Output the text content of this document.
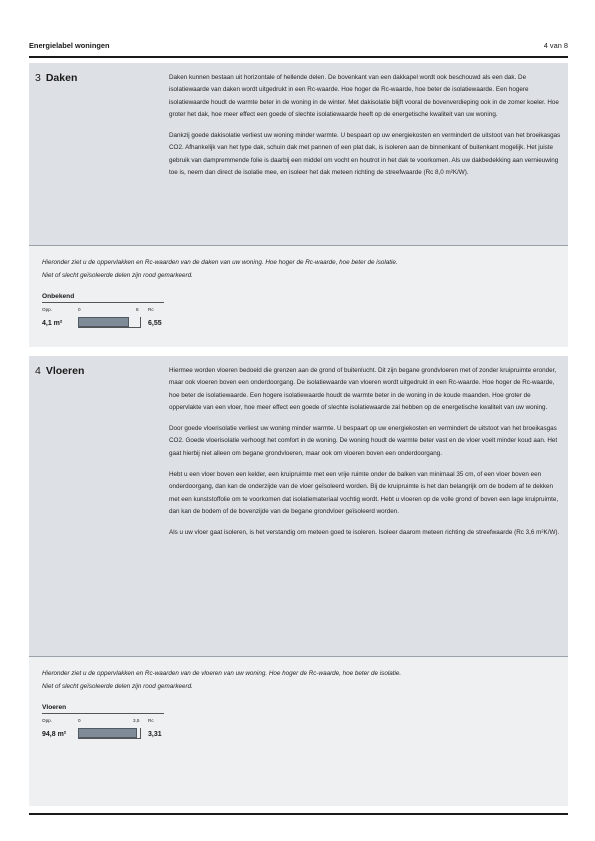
Energielabel woningen	4 van 8
3 Daken	Daken kunnen bestaan uit horizontale of hellende delen. De bovenkant van een dakkapel wordt ook beschouwd als een dak. De isolatiewaarde van daken wordt uitgedrukt in een Rc-waarde. Hoe hoger de Rc-waarde, hoe beter de isolatiewaarde. Een hogere isolatiewaarde houdt de warmte beter in de woning in de winter. Met dakisolatie blijft vooral de bovenverdieping ook in de zomer koeler. Hoe groter het dak, hoe meer effect een goede of slechte isolatiewaarde heeft op de energetische kwaliteit van uw woning.

Dankzij goede dakisolatie verliest uw woning minder warmte. U bespaart op uw energiekosten en vermindert de uitstoot van het broeikasgas CO2. Afhankelijk van het type dak, schuin dak met pannen of een plat dak, is isoleren aan de binnenkant of buitenkant mogelijk. Het juiste gebruik van dampremmende folie is daarbij een middel om vocht en houtrot in het dak te voorkomen. Als uw dakbedekking aan vernieuwing toe is, neem dan direct de isolatie mee, en isoleer het dak meteen richting de streefwaarde (Rc 8,0 m²K/W).

Hieronder ziet u de oppervlakken en Rc-waarden van de daken van uw woning. Hoe hoger de Rc-waarde, hoe beter de isolatie.
Niet of slecht geïsoleerde delen zijn rood gemarkeerd.
Onbekend
Opp.	0	8 Rc
4,1 m²	6,55
4 Vloeren	Hiermee worden vloeren bedoeld die grenzen aan de grond of buitenlucht. Dit zijn begane grondvloeren met of zonder kruipruimte eronder, maar ook vloeren boven een onderdoorgang. De isolatiewaarde van vloeren wordt uitgedrukt in een Rc-waarde. Hoe hoger de Rc-waarde, hoe beter de isolatiewaarde. Een hogere isolatiewaarde houdt de warmte beter in de woning in de koude maanden. Hoe groter de oppervlakte van een vloer, hoe meer effect een goede of slechte isolatiewaarde zal hebben op de energetische kwaliteit van uw woning.

Door goede vloerisolatie verliest uw woning minder warmte. U bespaart op uw energiekosten en vermindert de uitstoot van het broeikasgas CO2. Goede vloerisolatie verhoogt het comfort in de woning. De woning houdt de warmte beter vast en de vloer voelt minder koud aan. Het gaat hierbij niet alleen om begane grondvloeren, maar ook om vloeren boven een onderdoorgang.

Hebt u een vloer boven een kelder, een kruipruimte met een vrije ruimte onder de balken van minimaal 35 cm, of een vloer boven een onderdoorgang, dan kan de onderzijde van de vloer geïsoleerd worden. Bij de kruipruimte is het dan belangrijk om de bodem af te dekken met een kunststoffolie om te voorkomen dat isolatiemateriaal vochtig wordt. Hebt u vloeren op de volle grond of boven een lage kruipruimte, dan kan de bodem of de bovenzijde van de begane grondvloer geïsoleerd worden.

Als u uw vloer gaat isoleren, is het verstandig om meteen goed te isoleren. Isoleer daarom meteen richting de streefwaarde (Rc 3,6 m²K/W).

Hieronder ziet u de oppervlakken en Rc-waarden van de vloeren van uw woning. Hoe hoger de Rc-waarde, hoe beter de isolatie.
Niet of slecht geïsoleerde delen zijn rood gemarkeerd.
Vloeren
Opp.	0	3,5 Rc
94,8 m²	3,31
